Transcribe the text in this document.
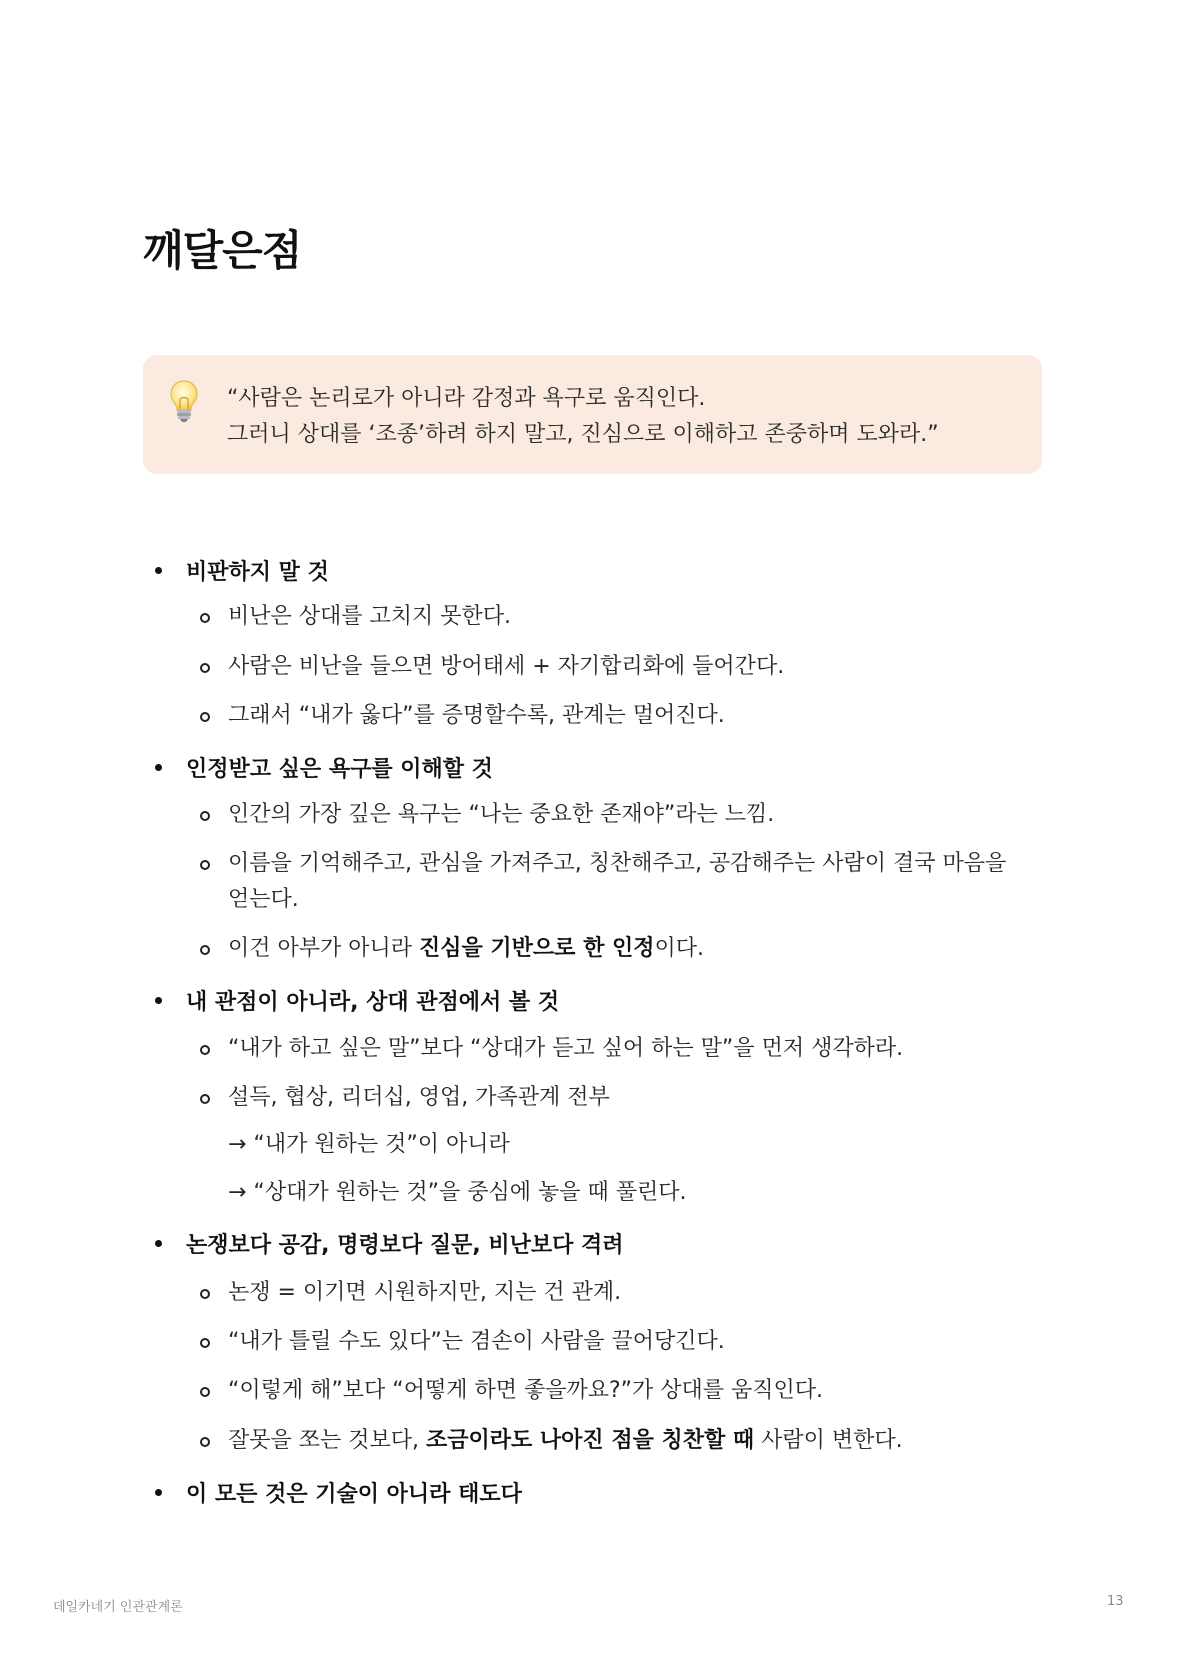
깨달은점
“사람은 논리로가 아니라 감정과 욕구로 움직인다.
그러니 상대를 ‘조종’하려 하지 말고, 진심으로 이해하고 존중하며 도와라.”
비판하지 말 것
비난은 상대를 고치지 못한다.
사람은 비난을 들으면 방어태세 + 자기합리화에 들어간다.
그래서 “내가 옳다”를 증명할수록, 관계는 멀어진다.
인정받고 싶은 욕구를 이해할 것
인간의 가장 깊은 욕구는 “나는 중요한 존재야”라는 느낌.
이름을 기억해주고, 관심을 가져주고, 칭찬해주고, 공감해주는 사람이 결국 마음을
얻는다.
이건 아부가 아니라 진심을 기반으로 한 인정이다.
내 관점이 아니라, 상대 관점에서 볼 것
“내가 하고 싶은 말”보다 “상대가 듣고 싶어 하는 말”을 먼저 생각하라.
설득, 협상, 리더십, 영업, 가족관계 전부
→ “내가 원하는 것”이 아니라
→ “상대가 원하는 것”을 중심에 놓을 때 풀린다.
논쟁보다 공감, 명령보다 질문, 비난보다 격려
논쟁 = 이기면 시원하지만, 지는 건 관계.
“내가 틀릴 수도 있다”는 겸손이 사람을 끌어당긴다.
“이렇게 해”보다 “어떻게 하면 좋을까요?”가 상대를 움직인다.
잘못을 쪼는 것보다, 조금이라도 나아진 점을 칭찬할 때 사람이 변한다.
이 모든 것은 기술이 아니라 태도다
데일카네기 인관관계론	13
